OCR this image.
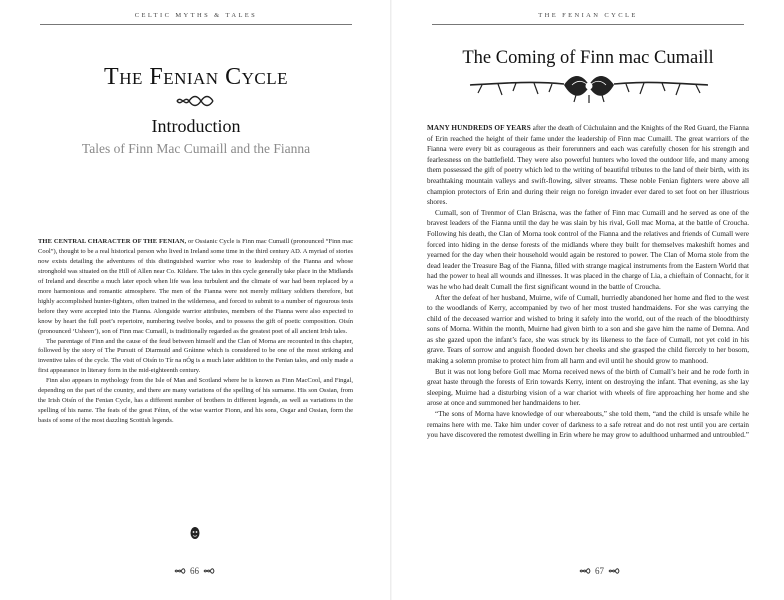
CELTIC MYTHS & TALES
The Fenian Cycle
Introduction
Tales of Finn Mac Cumaill and the Fianna

THE CENTRAL CHARACTER OF THE FENIAN, or Ossianic Cycle is Finn mac Cumaill (pronounced “Finn mac Cool”), thought to be a real historical person who lived in Ireland some time in the third century AD. A myriad of stories now exists detailing the adventures of this distinguished warrior who rose to leadership of the Fianna and whose stronghold was situated on the Hill of Allen near Co. Kildare. The tales in this cycle generally take place in the Midlands of Ireland and describe a much later epoch when life was less turbulent and the climate of war had been replaced by a more harmonious and romantic atmosphere. The men of the Fianna were not merely military soldiers therefore, but highly accomplished hunter-fighters, often trained in the wilderness, and forced to submit to a number of rigourous tests before they were accepted into the Fianna. Alongside warrior attributes, members of the Fianna were also expected to know by heart the full poet’s repertoire, numbering twelve books, and to possess the gift of poetic composition. Oisín (pronounced ‘Usheen’), son of Finn mac Cumaill, is traditionally regarded as the greatest poet of all ancient Irish tales.

The parentage of Finn and the cause of the feud between himself and the Clan of Morna are recounted in this chapter, followed by the story of The Pursuit of Diarmuid and Gráinne which is considered to be one of the most striking and inventive tales of the cycle. The visit of Oisín to Tír na nÓg is a much later addition to the Fenian tales, and only made a first appearance in literary form in the mid-eighteenth century.

Finn also appears in mythology from the Isle of Man and Scotland where he is known as Finn MacCool, and Fingal, depending on the part of the country, and there are many variations of the spelling of his surname. His son Ossian, from the Irish Oisín of the Fenian Cycle, has a different number of brothers in different legends, as well as variations in the spelling of his name. The feats of the great Féinn, of the wise warrior Fionn, and his sons, Osgar and Ossian, form the basis of some of the most dazzling Scottish legends.

66
THE FENIAN CYCLE
The Coming of Finn mac Cumaill

MANY HUNDREDS OF YEARS after the death of Cúchulainn and the Knights of the Red Guard, the Fianna of Erin reached the height of their fame under the leadership of Finn mac Cumaill. The great warriors of the Fianna were every bit as courageous as their forerunners and each was carefully chosen for his strength and fearlessness on the battlefield. They were also powerful hunters who loved the outdoor life, and many among them possessed the gift of poetry which led to the writing of beautiful tributes to the land of their birth, with its breathtaking mountain valleys and swift-flowing, silver streams. These noble Fenian fighters were above all champion protectors of Erin and during their reign no foreign invader ever dared to set foot on her illustrious shores.

Cumall, son of Trenmor of Clan Bráscna, was the father of Finn mac Cumaill and he served as one of the bravest leaders of the Fianna until the day he was slain by his rival, Goll mac Morna, at the battle of Croucha. Following his death, the Clan of Morna took control of the Fianna and the relatives and friends of Cumall were forced into hiding in the dense forests of the midlands where they built for themselves makeshift homes and yearned for the day when their household would again be restored to power. The Clan of Morna stole from the dead leader the Treasure Bag of the Fianna, filled with strange magical instruments from the Eastern World that had the power to heal all wounds and illnesses. It was placed in the charge of Lia, a chieftain of Connacht, for it was he who had dealt Cumall the first significant wound in the battle of Croucha.

After the defeat of her husband, Muirne, wife of Cumall, hurriedly abandoned her home and fled to the west to the woodlands of Kerry, accompanied by two of her most trusted handmaidens. For she was carrying the child of the deceased warrior and wished to bring it safely into the world, out of the reach of the bloodthirsty sons of Morna. Within the month, Muirne had given birth to a son and she gave him the name of Demna. And as she gazed upon the infant’s face, she was struck by its likeness to the face of Cumall, not yet cold in his grave. Tears of sorrow and anguish flooded down her cheeks and she grasped the child fiercely to her bosom, making a solemn promise to protect him from all harm and evil until he should grow to manhood.

But it was not long before Goll mac Morna received news of the birth of Cumall’s heir and he rode forth in great haste through the forests of Erin towards Kerry, intent on destroying the infant. That evening, as she lay sleeping, Muirne had a disturbing vision of a war chariot with wheels of fire approaching her home and she arose at once and summoned her handmaidens to her.

“The sons of Morna have knowledge of our whereabouts,” she told them, “and the child is unsafe while he remains here with me. Take him under cover of darkness to a safe retreat and do not rest until you are certain you have discovered the remotest dwelling in Erin where he may grow to adulthood unharmed and untroubled.”

67
